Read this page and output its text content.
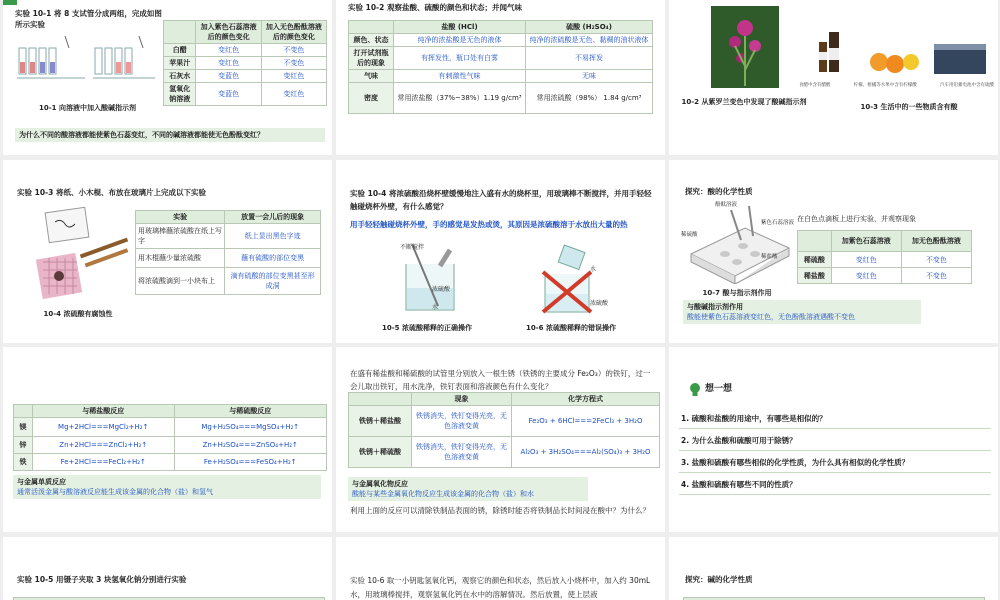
实验 10-1 将 8 支试管分成两组，完成如图所示实验
10-1 向溶液中加入酸碱指示剂
	加入紫色石蕊溶液后的颜色变化	加入无色酚酞溶液后的颜色变化
白醋	变红色	不变色
苹果汁	变红色	不变色
石灰水	变蓝色	变红色
氢氧化钠溶液	变蓝色	变红色
为什么不同的酸溶液都能使紫色石蕊变红，不同的碱溶液都能使无色酚酞变红？
实验 10-2 观察盐酸、硫酸的颜色和状态；并闻气味
	盐酸 (HCl)	硫酸 (H₂SO₄)
颜色、状态	纯净的浓盐酸是无色的液体	纯净的浓硫酸是无色、黏稠的油状液体
打开试剂瓶后的现象	有挥发性，瓶口处有白雾	不易挥发
气味	有刺激性气味	无味
密度	常用浓盐酸（37%~38%）1.19 g/cm³	常用浓硫酸（98%） 1.84 g/cm³	10-2 从紫罗兰变色中发现了酸碱指示剂
食醋中含有醋酸	柠檬、柑橘等水果中含有柠檬酸	汽车用铅蓄电池中含有硫酸
10-3 生活中的一些物质含有酸
实验 10-3 将纸、小木棍、布放在玻璃片上完成以下实验
10-4 浓硫酸有腐蚀性
实验	放置一会儿后的现象
用玻璃棒蘸浓硫酸在纸上写字	纸上显出黑色字迹
用木棍蘸少量浓硫酸	蘸有硫酸的部位变黑
将浓硫酸滴到一小块布上	滴有硫酸的部位变黑甚至形成洞
实验 10-4 将浓硫酸沿烧杯壁缓慢地注入盛有水的烧杯里，用玻璃棒不断搅拌，并用手轻轻触碰烧杯外壁，有什么感觉？
用手轻轻触碰烧杯外壁，手的感觉是发热或烫，其原因是浓硫酸溶于水放出大量的热
不断搅拌
浓硫酸
水
水
浓硫酸
10-5 浓硫酸稀释的正确操作	10-6 浓硫酸稀释的错误操作
探究：酸的化学性质
酚酞溶液
紫色石蕊溶液
稀硫酸
稀盐酸
在白色点滴板上进行实验，并观察现象
	加紫色石蕊溶液	加无色酚酞溶液
稀硫酸	变红色	不变色
稀盐酸	变红色	不变色
10-7 酸与指示剂作用
与酸碱指示剂作用
酸能使紫色石蕊溶液变红色，无色酚酞溶液遇酸不变色
	与稀盐酸反应	与稀硫酸反应
镁	Mg+2HCl===MgCl₂+H₂↑	Mg+H₂SO₄===MgSO₄+H₂↑
锌	Zn+2HCl===ZnCl₂+H₂↑	Zn+H₂SO₄===ZnSO₄+H₂↑
铁	Fe+2HCl===FeCl₂+H₂↑	Fe+H₂SO₄===FeSO₄+H₂↑
与金属单质反应
通常活泼金属与酸溶液反应能生成该金属的化合物（盐）和氢气
在盛有稀盐酸和稀硫酸的试管里分别放入一根生锈（铁锈的主要成分 Fe₂O₃）的铁钉，过一会儿取出铁钉，用水洗净，铁钉表面和溶液颜色有什么变化？
	现象	化学方程式
铁锈＋稀盐酸	铁锈消失，铁钉变得光亮，无色溶液变黄	Fe₂O₃ + 6HCl===2FeCl₃ + 3H₂O
铁锈＋稀硫酸	铁锈消失，铁钉变得光亮，无色溶液变黄	Al₂O₃ + 3H₂SO₄===Al₂(SO₄)₃ + 3H₂O
与金属氧化物反应
酸能与某些金属氧化物反应生成该金属的化合物（盐）和水
利用上面的反应可以清除铁制品表面的锈，除锈时能否将铁制品长时间浸在酸中？为什么？
想一想
1. 硫酸和盐酸的用途中，有哪些是相似的？
2. 为什么盐酸和硫酸可用于除锈？
3. 盐酸和硫酸有哪些相似的化学性质，为什么具有相似的化学性质？
4. 盐酸和硫酸有哪些不同的性质？
实验 10-5 用镊子夹取 3 块氢氧化钠分别进行实验	实验 10-6 取一小钥匙氢氧化钙，观察它的颜色和状态，然后放入小烧杯中，加入约 30mL 水，用玻璃棒搅拌，观察氢氧化钙在水中的溶解情况。然后放置，使上层液
探究：碱的化学性质
